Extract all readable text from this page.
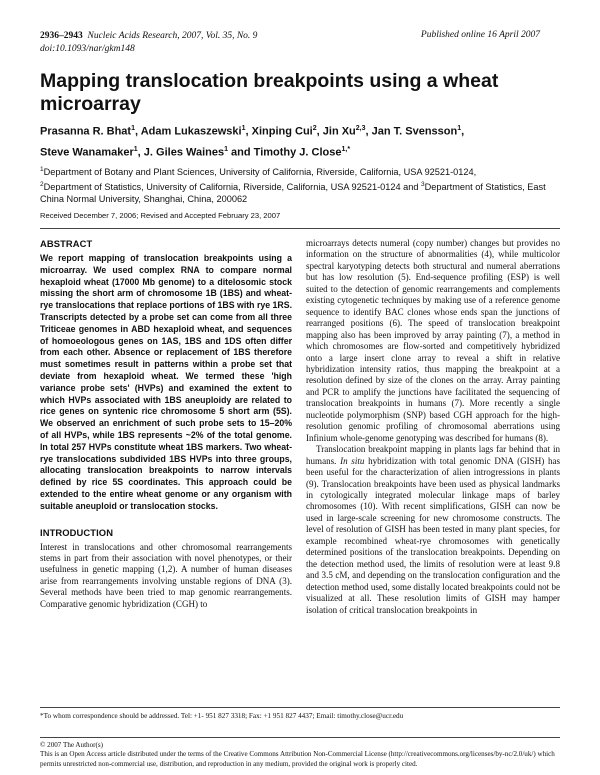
2936–2943 Nucleic Acids Research, 2007, Vol. 35, No. 9
doi:10.1093/nar/gkm148
Published online 16 April 2007
Mapping translocation breakpoints using a wheat microarray
Prasanna R. Bhat$^1$, Adam Lukaszewski$^1$, Xinping Cui$^2$, Jin Xu$^{2,3}$, Jan T. Svensson$^1$,
Steve Wanamaker$^1$, J. Giles Waines$^1$ and Timothy J. Close$^{1,*}$
$^1$Department of Botany and Plant Sciences, University of California, Riverside, California, USA 92521-0124,
$^2$Department of Statistics, University of California, Riverside, California, USA 92521-0124 and $^3$Department of Statistics, East China Normal University, Shanghai, China, 200062
Received December 7, 2006; Revised and Accepted February 23, 2007
ABSTRACT

We report mapping of translocation breakpoints using a microarray. We used complex RNA to compare normal hexaploid wheat (17000 Mb genome) to a ditelosomic stock missing the short arm of chromosome 1B (1BS) and wheat-rye translocations that replace portions of 1BS with rye 1RS. Transcripts detected by a probe set can come from all three Triticeae genomes in ABD hexaploid wheat, and sequences of homoeologous genes on 1AS, 1BS and 1DS often differ from each other. Absence or replacement of 1BS therefore must sometimes result in patterns within a probe set that deviate from hexaploid wheat. We termed these 'high variance probe sets' (HVPs) and examined the extent to which HVPs associated with 1BS aneuploidy are related to rice genes on syntenic rice chromosome 5 short arm (5S). We observed an enrichment of such probe sets to 15–20% of all HVPs, while 1BS represents ~2% of the total genome. In total 257 HVPs constitute wheat 1BS markers. Two wheat-rye translocations subdivided 1BS HVPs into three groups, allocating translocation breakpoints to narrow intervals defined by rice 5S coordinates. This approach could be extended to the entire wheat genome or any organism with suitable aneuploid or translocation stocks.

INTRODUCTION

Interest in translocations and other chromosomal rearrangements stems in part from their association with novel phenotypes, or their usefulness in genetic mapping (1,2). A number of human diseases arise from rearrangements involving unstable regions of DNA (3). Several methods have been tried to map genomic rearrangements. Comparative genomic hybridization (CGH) to

microarrays detects numeral (copy number) changes but provides no information on the structure of abnormalities (4), while multicolor spectral karyotyping detects both structural and numeral aberrations but has low resolution (5). End-sequence profiling (ESP) is well suited to the detection of genomic rearrangements and complements existing cytogenetic techniques by making use of a reference genome sequence to identify BAC clones whose ends span the junctions of rearranged positions (6). The speed of translocation breakpoint mapping also has been improved by array painting (7), a method in which chromosomes are flow-sorted and competitively hybridized onto a large insert clone array to reveal a shift in relative hybridization intensity ratios, thus mapping the breakpoint at a resolution defined by size of the clones on the array. Array painting and PCR to amplify the junctions have facilitated the sequencing of translocation breakpoints in humans (7). More recently a single nucleotide polymorphism (SNP) based CGH approach for the high-resolution genomic profiling of chromosomal aberrations using Infinium whole-genome genotyping was described for humans (8).

Translocation breakpoint mapping in plants lags far behind that in humans. In situ hybridization with total genomic DNA (GISH) has been useful for the characterization of alien introgressions in plants (9). Translocation breakpoints have been used as physical landmarks in cytologically integrated molecular linkage maps of barley chromosomes (10). With recent simplifications, GISH can now be used in large-scale screening for new chromosome constructs. The level of resolution of GISH has been tested in many plant species, for example recombined wheat-rye chromosomes with genetically determined positions of the translocation breakpoints. Depending on the detection method used, the limits of resolution were at least 9.8 and 3.5 cM, and depending on the translocation configuration and the detection method used, some distally located breakpoints could not be visualized at all. These resolution limits of GISH may hamper isolation of critical translocation breakpoints in

*To whom correspondence should be addressed. Tel: +1- 951 827 3318; Fax: +1 951 827 4437; Email: timothy.close@ucr.edu

© 2007 The Author(s)

This is an Open Access article distributed under the terms of the Creative Commons Attribution Non-Commercial License (http://creativecommons.org/licenses/by-nc/2.0/uk/) which permits unrestricted non-commercial use, distribution, and reproduction in any medium, provided the original work is properly cited.
